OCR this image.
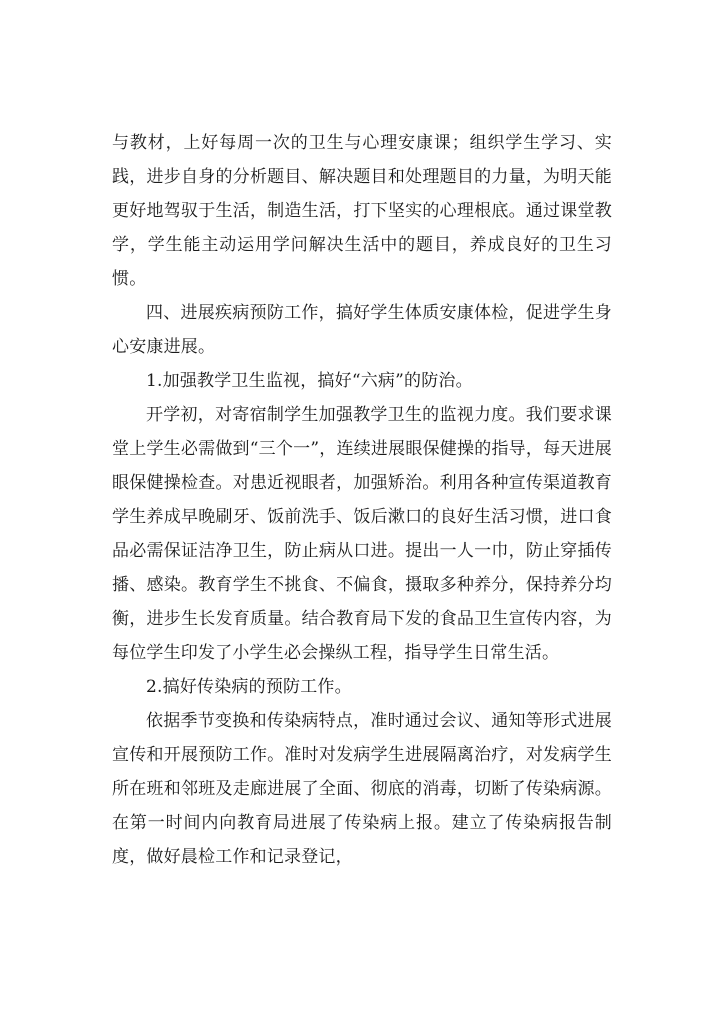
与教材，上好每周一次的卫生与心理安康课；组织学生学习、实践，进步自身的分析题目、解决题目和处理题目的力量，为明天能更好地驾驭于生活，制造生活，打下坚实的心理根底。通过课堂教学，学生能主动运用学问解决生活中的题目，养成良好的卫生习惯。

四、进展疾病预防工作，搞好学生体质安康体检，促进学生身心安康进展。

1.加强教学卫生监视，搞好“六病”的防治。

开学初，对寄宿制学生加强教学卫生的监视力度。我们要求课堂上学生必需做到“三个一”，连续进展眼保健操的指导，每天进展眼保健操检查。对患近视眼者，加强矫治。利用各种宣传渠道教育学生养成早晚刷牙、饭前洗手、饭后漱口的良好生活习惯，进口食品必需保证洁净卫生，防止病从口进。提出一人一巾，防止穿插传播、感染。教育学生不挑食、不偏食，摄取多种养分，保持养分均衡，进步生长发育质量。结合教育局下发的食品卫生宣传内容，为每位学生印发了小学生必会操纵工程，指导学生日常生活。

2.搞好传染病的预防工作。

依据季节变换和传染病特点，准时通过会议、通知等形式进展宣传和开展预防工作。准时对发病学生进展隔离治疗，对发病学生所在班和邻班及走廊进展了全面、彻底的消毒，切断了传染病源。在第一时间内向教育局进展了传染病上报。建立了传染病报告制度，做好晨检工作和记录登记，
